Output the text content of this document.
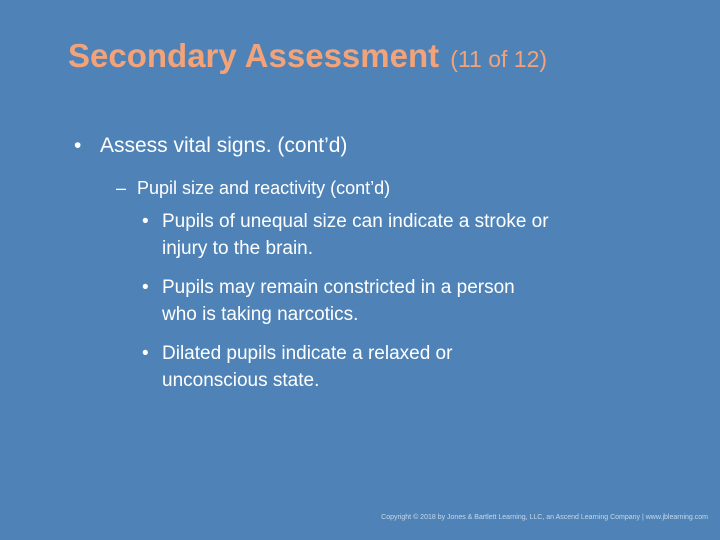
Secondary Assessment (11 of 12)
• Assess vital signs. (cont’d)
– Pupil size and reactivity (cont’d)
• Pupils of unequal size can indicate a stroke or
injury to the brain.
• Pupils may remain constricted in a person
who is taking narcotics.
• Dilated pupils indicate a relaxed or
unconscious state.
Copyright © 2018 by Jones & Bartlett Learning, LLC, an Ascend Learning Company | www.jblearning.com
